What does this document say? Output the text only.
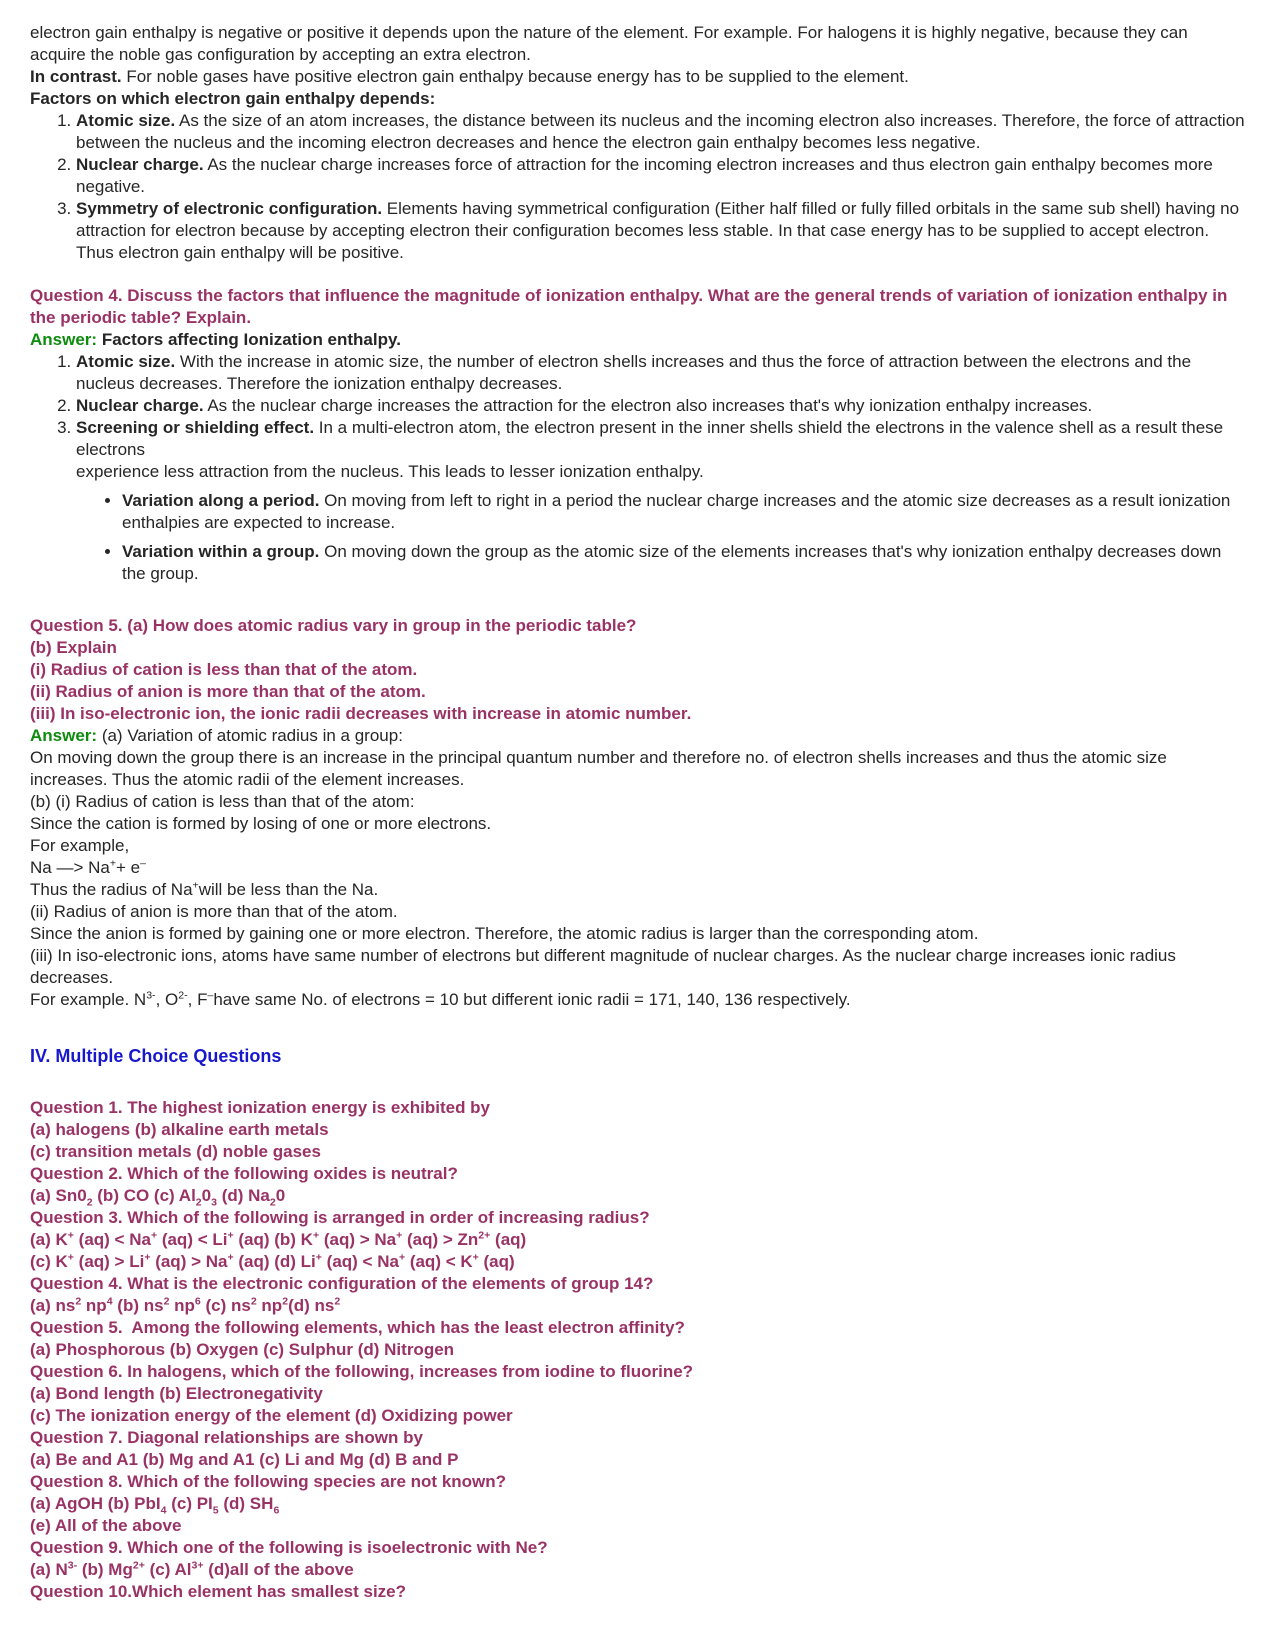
electron gain enthalpy is negative or positive it depends upon the nature of the element. For example. For halogens it is highly negative, because they can acquire the noble gas configuration by accepting an extra electron.

In contrast. For noble gases have positive electron gain enthalpy because energy has to be supplied to the element.

Factors on which electron gain enthalpy depends:

1. Atomic size. As the size of an atom increases, the distance between its nucleus and the incoming electron also increases. Therefore, the force of attraction between the nucleus and the incoming electron decreases and hence the electron gain enthalpy becomes less negative.
2. Nuclear charge. As the nuclear charge increases force of attraction for the incoming electron increases and thus electron gain enthalpy becomes more negative.
3. Symmetry of electronic configuration. Elements having symmetrical configuration (Either half filled or fully filled orbitals in the same sub shell) having no attraction for electron because by accepting electron their configuration becomes less stable. In that case energy has to be supplied to accept electron. Thus electron gain enthalpy will be positive.

Question 4. Discuss the factors that influence the magnitude of ionization enthalpy. What are the general trends of variation of ionization enthalpy in the periodic table? Explain.

Answer: Factors affecting Ionization enthalpy.

1. Atomic size. With the increase in atomic size, the number of electron shells increases and thus the force of attraction between the electrons and the nucleus decreases. Therefore the ionization enthalpy decreases.
2. Nuclear charge. As the nuclear charge increases the attraction for the electron also increases that's why ionization enthalpy increases.
3. Screening or shielding effect. In a multi-electron atom, the electron present in the inner shells shield the electrons in the valence shell as a result these electrons
experience less attraction from the nucleus. This leads to lesser ionization enthalpy.
• Variation along a period. On moving from left to right in a period the nuclear charge increases and the atomic size decreases as a result ionization enthalpies are expected to increase.
• Variation within a group. On moving down the group as the atomic size of the elements increases that's why ionization enthalpy decreases down the group.

Question 5. (a) How does atomic radius vary in group in the periodic table?

(b) Explain

(i) Radius of cation is less than that of the atom.

(ii) Radius of anion is more than that of the atom.

(iii) In iso-electronic ion, the ionic radii decreases with increase in atomic number.

Answer: (a) Variation of atomic radius in a group:

On moving down the group there is an increase in the principal quantum number and therefore no. of electron shells increases and thus the atomic size increases. Thus the atomic radii of the element increases.

(b) (i) Radius of cation is less than that of the atom:

Since the cation is formed by losing of one or more electrons.

For example,

Na —> Na++ e–

Thus the radius of Na+will be less than the Na.

(ii) Radius of anion is more than that of the atom.

Since the anion is formed by gaining one or more electron. Therefore, the atomic radius is larger than the corresponding atom.

(iii) In iso-electronic ions, atoms have same number of electrons but different magnitude of nuclear charges. As the nuclear charge increases ionic radius decreases.

For example. $N^{3-}$, $O^{2-}$, F–have same No. of electrons = 10 but different ionic radii = 171, 140, 136 respectively.

IV. Multiple Choice Questions

Question 1. The highest ionization energy is exhibited by

(a) halogens (b) alkaline earth metals

(c) transition metals (d) noble gases

Question 2. Which of the following oxides is neutral?

(a) $Sn0_2$ (b) CO (c) $Al_20_3$ (d) $Na_20$

Question 3. Which of the following is arranged in order of increasing radius?

(a) K+ (aq) < Na+ (aq) < Li+ (aq) (b) K+ (aq) > Na+ $(aq) > Zn^{2+}$ (aq)

(c) K+ (aq) > Li+ (aq) > Na+ (aq) (d) Li+ (aq) < Na+ (aq) < K+ (aq)

Question 4. What is the electronic configuration of the elements of group 14?

(a) $ns^2$ $np^4$ (b) $ns^2$ $np^6$ (c) $ns^2$ $np^2(d)$ $ns^2$

Question 5.  Among the following elements, which has the least electron affinity?

(a) Phosphorous (b) Oxygen (c) Sulphur (d) Nitrogen

Question 6. In halogens, which of the following, increases from iodine to fluorine?

(a) Bond length (b) Electronegativity

(c) The ionization energy of the element (d) Oxidizing power

Question 7. Diagonal relationships are shown by

(a) Be and A1 (b) Mg and A1 (c) Li and Mg (d) B and P

Question 8. Which of the following species are not known?

(a) AgOH (b) PbI$_4$ (c) $PI_5$ (d) $SH_6$

(e) All of the above

Question 9. Which one of the following is isoelectronic with Ne?

(a) $N^{3-}$ (b) $Mg^{2+}$ (c) $Al^{3+}$ (d)all of the above

Question 10.Which element has smallest size?
